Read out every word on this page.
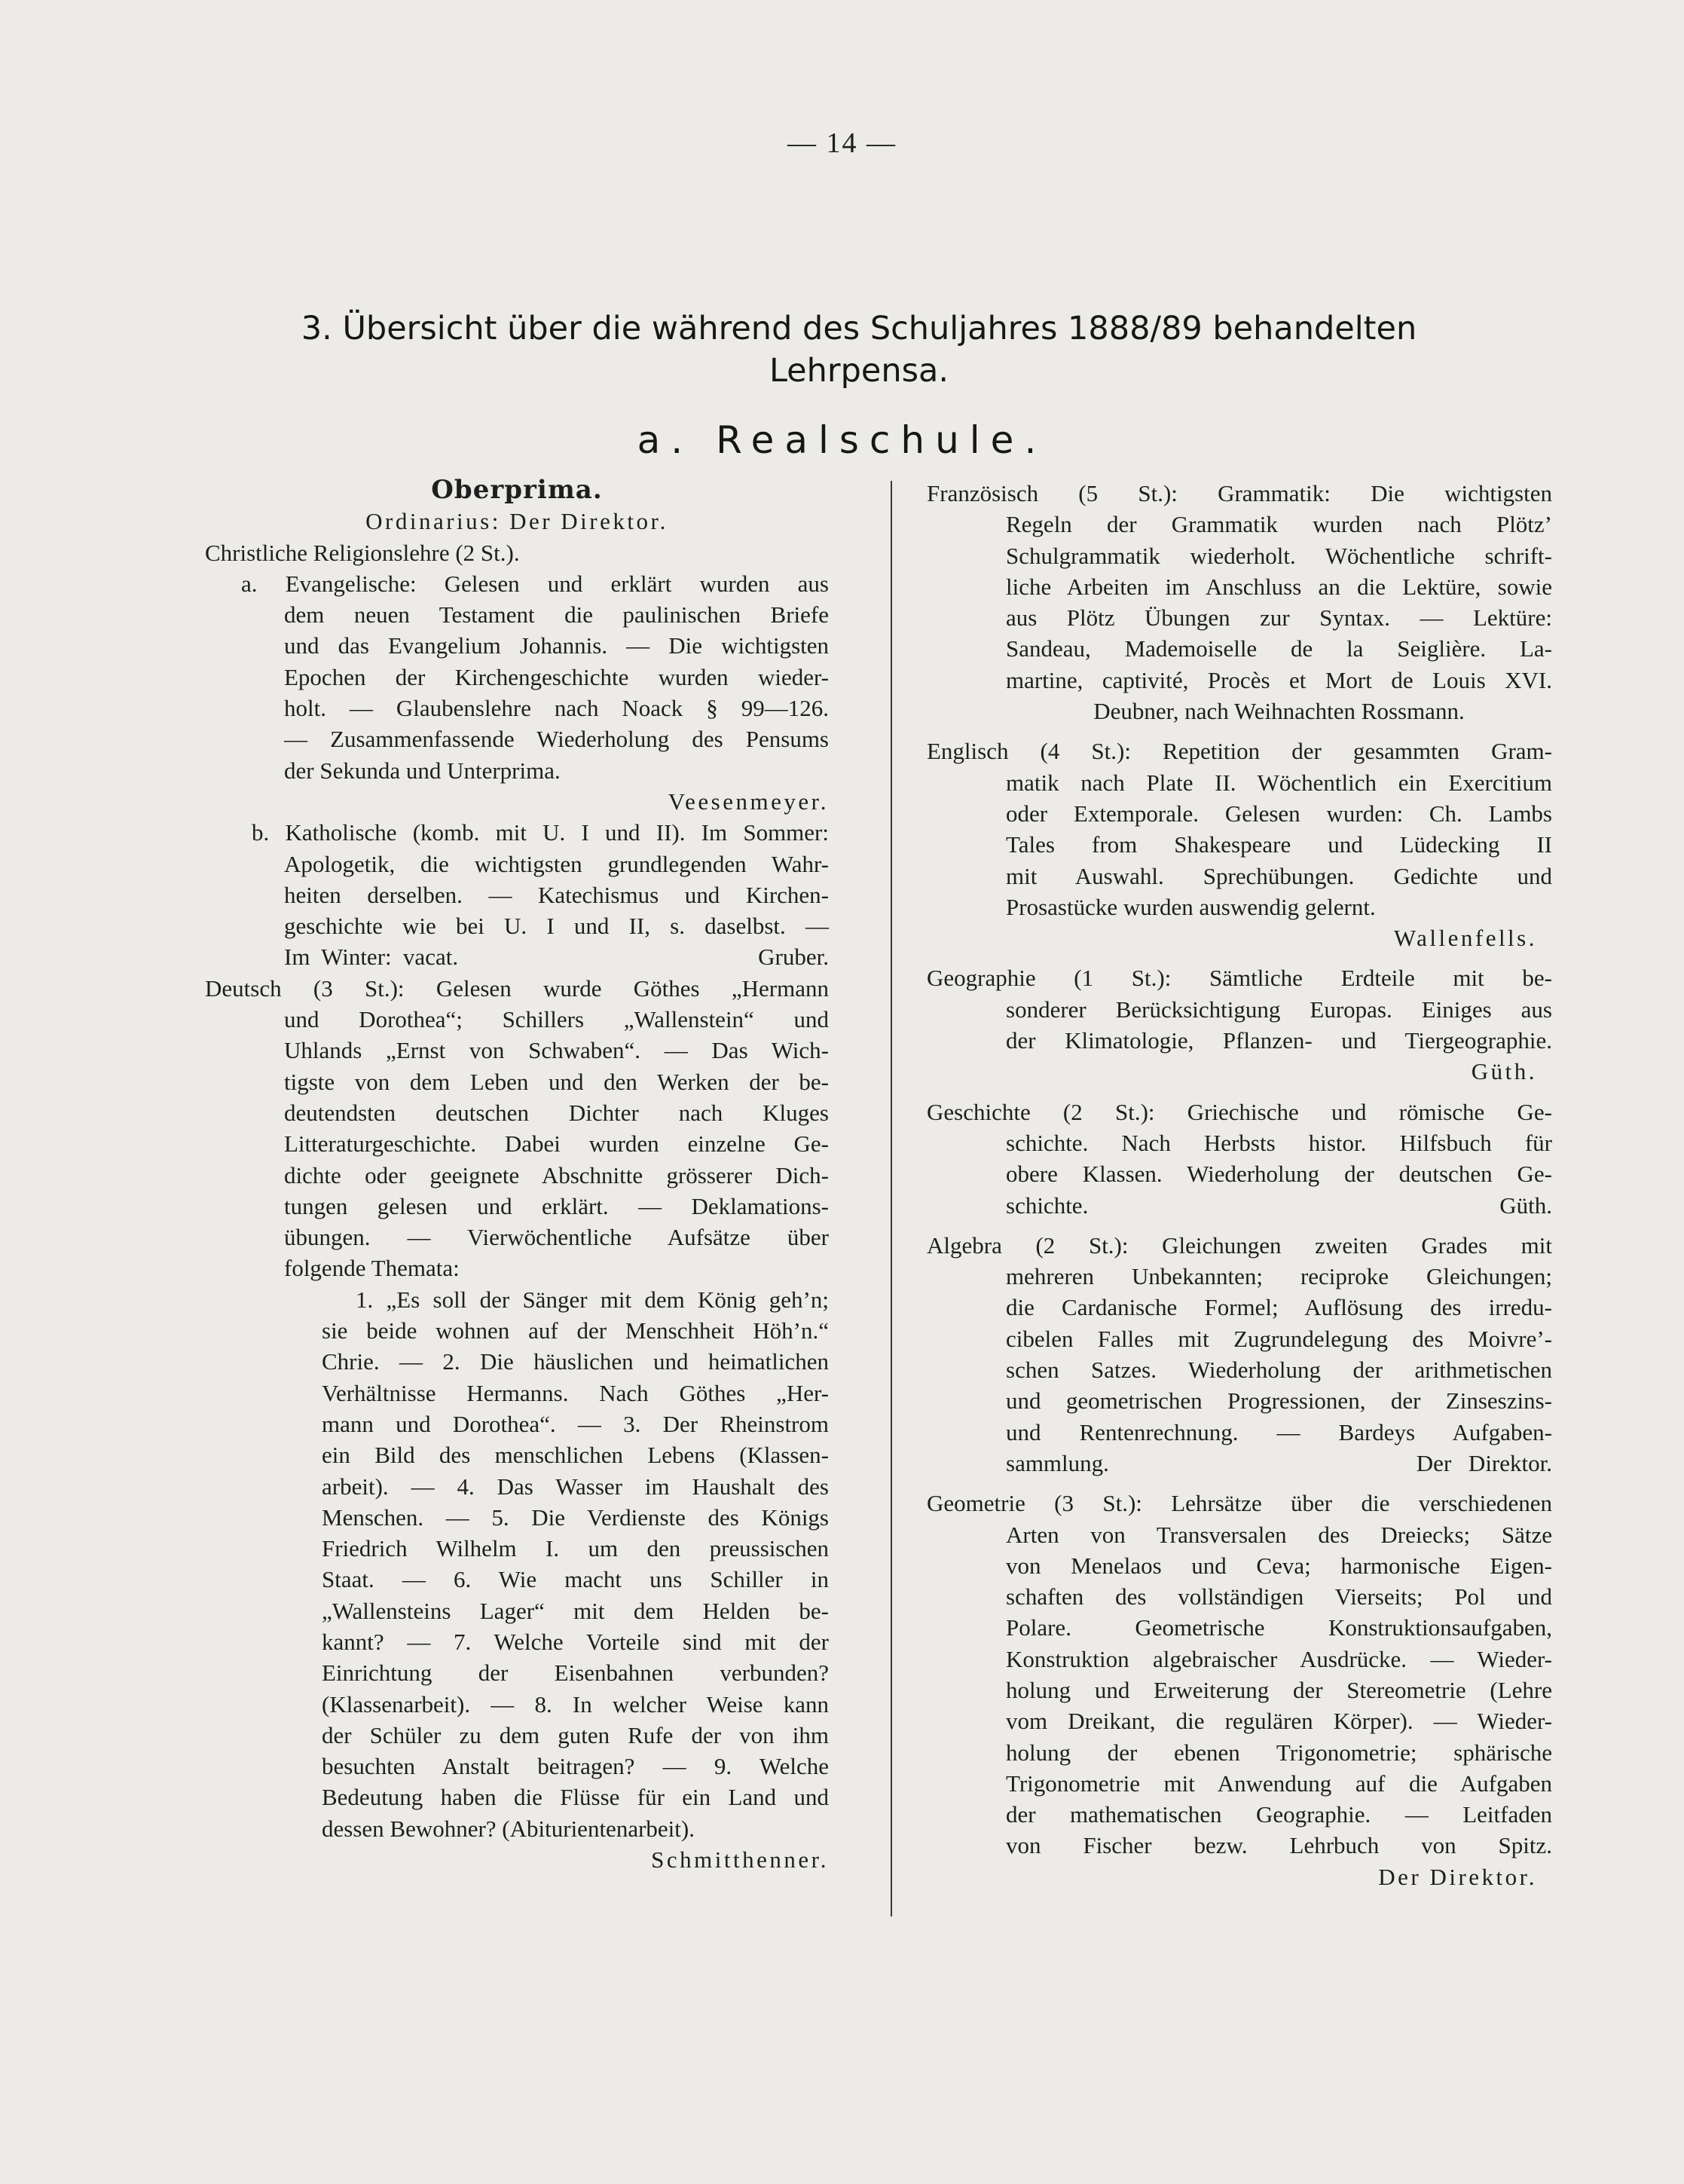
— 14 —
3. Übersicht über die während des Schuljahres 1888/89 behandelten
Lehrpensa.
a. Realschule.
Oberprima.
Ordinarius: Der Direktor.
Christliche Religionslehre (2 St.).
a. Evangelische: Gelesen und erklärt wurden aus
dem neuen Testament die paulinischen Briefe
und das Evangelium Johannis. — Die wichtigsten
Epochen der Kirchengeschichte wurden wieder-
holt. — Glaubenslehre nach Noack § 99—126.
— Zusammenfassende Wiederholung des Pensums
der Sekunda und Unterprima.
Veesenmeyer.
b. Katholische (komb. mit U. I und II). Im Sommer:
Apologetik, die wichtigsten grundlegenden Wahr-
heiten derselben. — Katechismus und Kirchen-
geschichte wie bei U. I und II, s. daselbst. —
Im Winter: vacat.                          Gruber.
Deutsch (3 St.): Gelesen wurde Göthes „Hermann
und Dorothea“; Schillers „Wallenstein“ und
Uhlands „Ernst von Schwaben“. — Das Wich-
tigste von dem Leben und den Werken der be-
deutendsten deutschen Dichter nach Kluges
Litteraturgeschichte. Dabei wurden einzelne Ge-
dichte oder geeignete Abschnitte grösserer Dich-
tungen gelesen und erklärt. — Deklamations-
übungen. — Vierwöchentliche Aufsätze über
folgende Themata:
1. „Es soll der Sänger mit dem König geh’n;
sie beide wohnen auf der Menschheit Höh’n.“
Chrie. — 2. Die häuslichen und heimatlichen
Verhältnisse Hermanns. Nach Göthes „Her-
mann und Dorothea“. — 3. Der Rheinstrom
ein Bild des menschlichen Lebens (Klassen-
arbeit). — 4. Das Wasser im Haushalt des
Menschen. — 5. Die Verdienste des Königs
Friedrich Wilhelm I. um den preussischen
Staat. — 6. Wie macht uns Schiller in
„Wallensteins Lager“ mit dem Helden be-
kannt? — 7. Welche Vorteile sind mit der
Einrichtung der Eisenbahnen verbunden?
(Klassenarbeit). — 8. In welcher Weise kann
der Schüler zu dem guten Rufe der von ihm
besuchten Anstalt beitragen? — 9. Welche
Bedeutung haben die Flüsse für ein Land und
dessen Bewohner? (Abiturientenarbeit).
Schmitthenner.
Französisch (5 St.): Grammatik: Die wichtigsten
Regeln der Grammatik wurden nach Plötz’
Schulgrammatik wiederholt. Wöchentliche schrift-
liche Arbeiten im Anschluss an die Lektüre, sowie
aus Plötz Übungen zur Syntax. — Lektüre:
Sandeau, Mademoiselle de la Seiglière. La-
martine, captivité, Procès et Mort de Louis XVI.
Deubner, nach Weihnachten Rossmann.
Englisch (4 St.): Repetition der gesammten Gram-
matik nach Plate II. Wöchentlich ein Exercitium
oder Extemporale. Gelesen wurden: Ch. Lambs
Tales from Shakespeare und Lüdecking II
mit Auswahl. Sprechübungen. Gedichte und
Prosastücke wurden auswendig gelernt.
Wallenfells.
Geographie (1 St.): Sämtliche Erdteile mit be-
sonderer Berücksichtigung Europas. Einiges aus
der Klimatologie, Pflanzen- und Tiergeographie.
Güth.
Geschichte (2 St.): Griechische und römische Ge-
schichte. Nach Herbsts histor. Hilfsbuch für
obere Klassen. Wiederholung der deutschen Ge-
schichte.                         Güth.
Algebra (2 St.): Gleichungen zweiten Grades mit
mehreren Unbekannten; reciproke Gleichungen;
die Cardanische Formel; Auflösung des irredu-
cibelen Falles mit Zugrundelegung des Moivre’-
schen Satzes. Wiederholung der arithmetischen
und geometrischen Progressionen, der Zinseszins-
und Rentenrechnung. — Bardeys Aufgaben-
sammlung.                  Der Direktor.
Geometrie (3 St.): Lehrsätze über die verschiedenen
Arten von Transversalen des Dreiecks; Sätze
von Menelaos und Ceva; harmonische Eigen-
schaften des vollständigen Vierseits; Pol und
Polare. Geometrische Konstruktionsaufgaben,
Konstruktion algebraischer Ausdrücke. — Wieder-
holung und Erweiterung der Stereometrie (Lehre
vom Dreikant, die regulären Körper). — Wieder-
holung der ebenen Trigonometrie; sphärische
Trigonometrie mit Anwendung auf die Aufgaben
der mathematischen Geographie. — Leitfaden
von Fischer bezw. Lehrbuch von Spitz.
Der Direktor.
